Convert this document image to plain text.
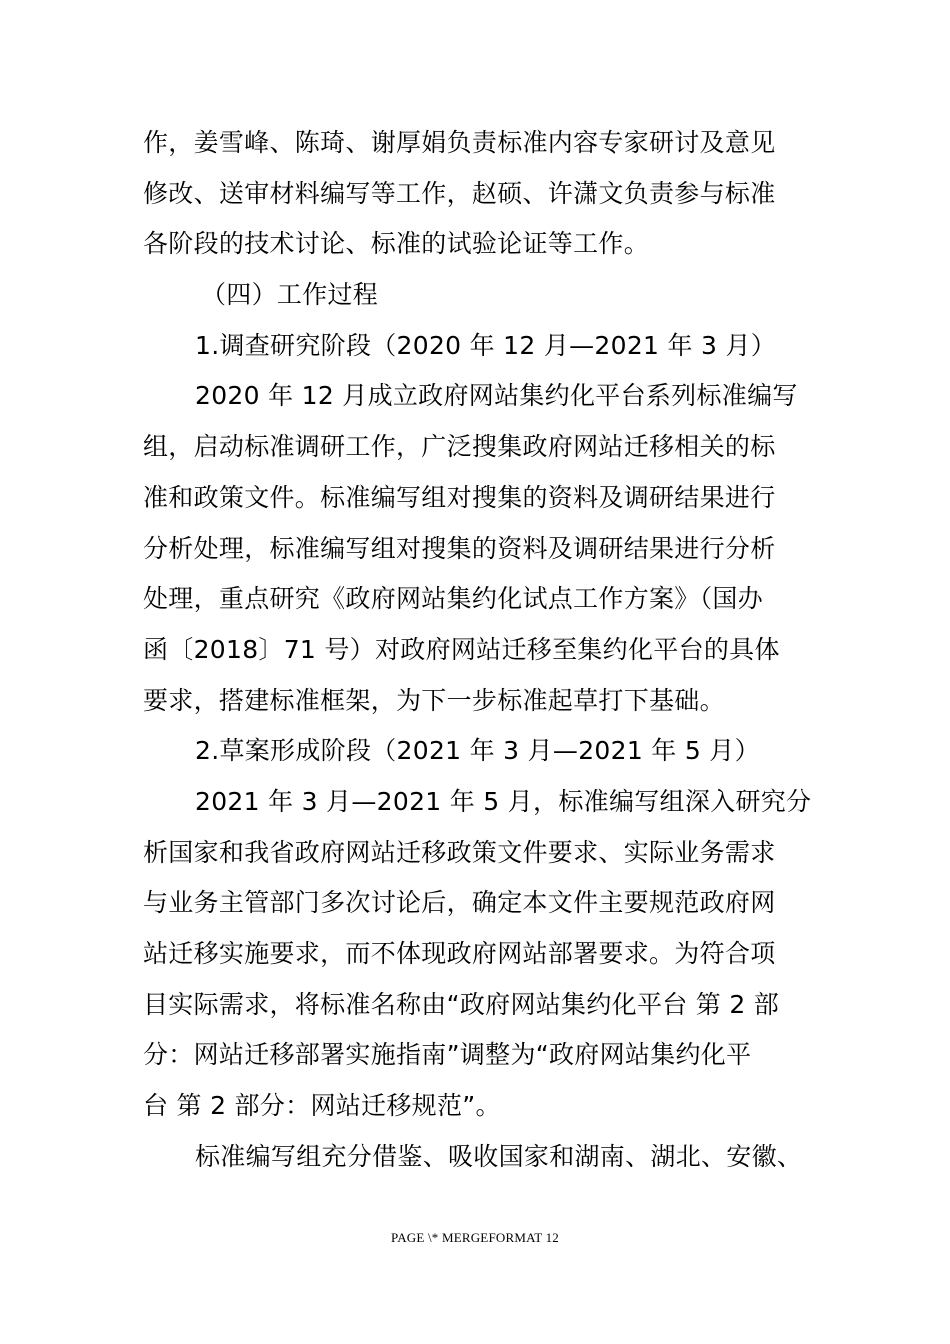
作，姜雪峰、陈琦、谢厚娟负责标准内容专家研讨及意见
修改、送审材料编写等工作，赵硕、许潇文负责参与标准
各阶段的技术讨论、标准的试验论证等工作。
（四）工作过程
1.调查研究阶段（2020 年 12 月—2021 年 3 月）
2020 年 12 月成立政府网站集约化平台系列标准编写
组，启动标准调研工作，广泛搜集政府网站迁移相关的标
准和政策文件。标准编写组对搜集的资料及调研结果进行
分析处理，标准编写组对搜集的资料及调研结果进行分析
处理，重点研究《政府网站集约化试点工作方案》（国办
函〔2018〕71 号）对政府网站迁移至集约化平台的具体
要求，搭建标准框架，为下一步标准起草打下基础。
2.草案形成阶段（2021 年 3 月—2021 年 5 月）
2021 年 3 月—2021 年 5 月，标准编写组深入研究分
析国家和我省政府网站迁移政策文件要求、实际业务需求
与业务主管部门多次讨论后，确定本文件主要规范政府网
站迁移实施要求，而不体现政府网站部署要求。为符合项
目实际需求，将标准名称由“政府网站集约化平台 第 2 部
分：网站迁移部署实施指南”调整为“政府网站集约化平
台 第 2 部分：网站迁移规范”。
标准编写组充分借鉴、吸收国家和湖南、湖北、安徽、
PAGE \* MERGEFORMAT 12
